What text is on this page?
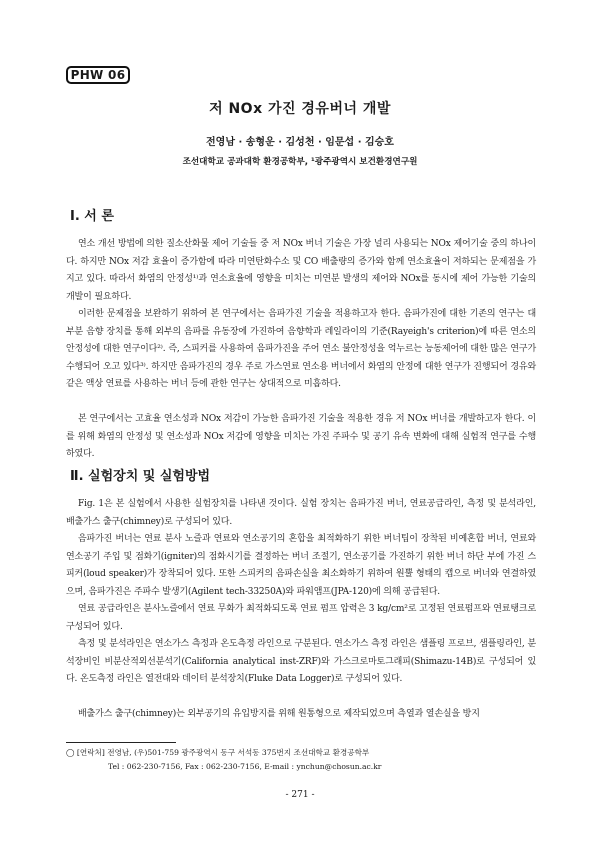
PHW 06
저 NOx 가진 경유버너 개발
전영남 · 송형운 · 김성천 · 임문섭 · 김승호
조선대학교 공과대학 환경공학부, ¹광주광역시 보건환경연구원
Ⅰ. 서 론

연소 개선 방법에 의한 질소산화물 제어 기술들 중 저 NOx 버너 기술은 가장 널리 사용되는 NOx 제어기술 중의 하나이다. 하지만 NOx 저감 효율이 증가함에 따라 미연탄화수소 및 CO 배출량의 증가와 함께 연소효율이 저하되는 문제점을 가지고 있다. 따라서 화염의 안정성¹⁾과 연소효율에 영향을 미치는 미연분 발생의 제어와 NOx를 동시에 제어 가능한 기술의 개발이 필요하다.

이러한 문제점을 보완하기 위하여 본 연구에서는 음파가진 기술을 적용하고자 한다. 음파가진에 대한 기존의 연구는 대부분 음향 장치를 통해 외부의 음파를 유동장에 가진하여 음향학과 레일라이의 기준(Rayeigh's criterion)에 따른 연소의 안정성에 대한 연구이다²⁾. 즉, 스피커를 사용하여 음파가진을 주어 연소 불안정성을 억누르는 능동제어에 대한 많은 연구가 수행되어 오고 있다³⁾. 하지만 음파가진의 경우 주로 가스연료 연소용 버너에서 화염의 안정에 대한 연구가 진행되어 경유와 같은 액상 연료를 사용하는 버너 등에 관한 연구는 상대적으로 미흡하다.

본 연구에서는 고효율 연소성과 NOx 저감이 가능한 음파가진 기술을 적용한 경유 저 NOx 버너를 개발하고자 한다. 이를 위해 화염의 안정성 및 연소성과 NOx 저감에 영향을 미치는 가진 주파수 및 공기 유속 변화에 대해 실험적 연구를 수행하였다.

Ⅱ. 실험장치 및 실험방법

Fig. 1은 본 실험에서 사용한 실험장치를 나타낸 것이다. 실험 장치는 음파가진 버너, 연료공급라인, 측정 및 분석라인, 배출가스 출구(chimney)로 구성되어 있다.

음파가진 버너는 연료 분사 노즐과 연료와 연소공기의 혼합을 최적화하기 위한 버너팁이 장착된 비예혼합 버너, 연료와 연소공기 주입 및 점화기(igniter)의 점화시기를 결정하는 버너 조절기, 연소공기를 가진하기 위한 버너 하단 부에 가진 스피커(loud speaker)가 장착되어 있다. 또한 스피커의 음파손실을 최소화하기 위하여 원뿔 형태의 캡으로 버너와 연결하였으며, 음파가진은 주파수 발생기(Agilent tech-33250A)와 파워앰프(JPA-120)에 의해 공급된다.

연료 공급라인은 분사노즐에서 연료 무화가 최적화되도록 연료 펌프 압력은 3 kg/cm²로 고정된 연료펌프와 연료탱크로 구성되어 있다.

측정 및 분석라인은 연소가스 측정과 온도측정 라인으로 구분된다. 연소가스 측정 라인은 샘플링 프로브, 샘플링라인, 분석장비인 비분산적외선분석기(California analytical inst-ZRF)와 가스크로마토그래피(Shimazu-14B)로 구성되어 있다. 온도측정 라인은 열전대와 데이터 분석장치(Fluke Data Logger)로 구성되어 있다.

배출가스 출구(chimney)는 외부공기의 유입방지를 위해 원통형으로 제작되었으며 측열과 열손실을 방지

◯ [연락처] 전영남, (우)501-759 광주광역시 동구 서석동 375번지 조선대학교 환경공학부
Tel : 062-230-7156, Fax : 062-230-7156, E-mail : ynchun@chosun.ac.kr
- 271 -
